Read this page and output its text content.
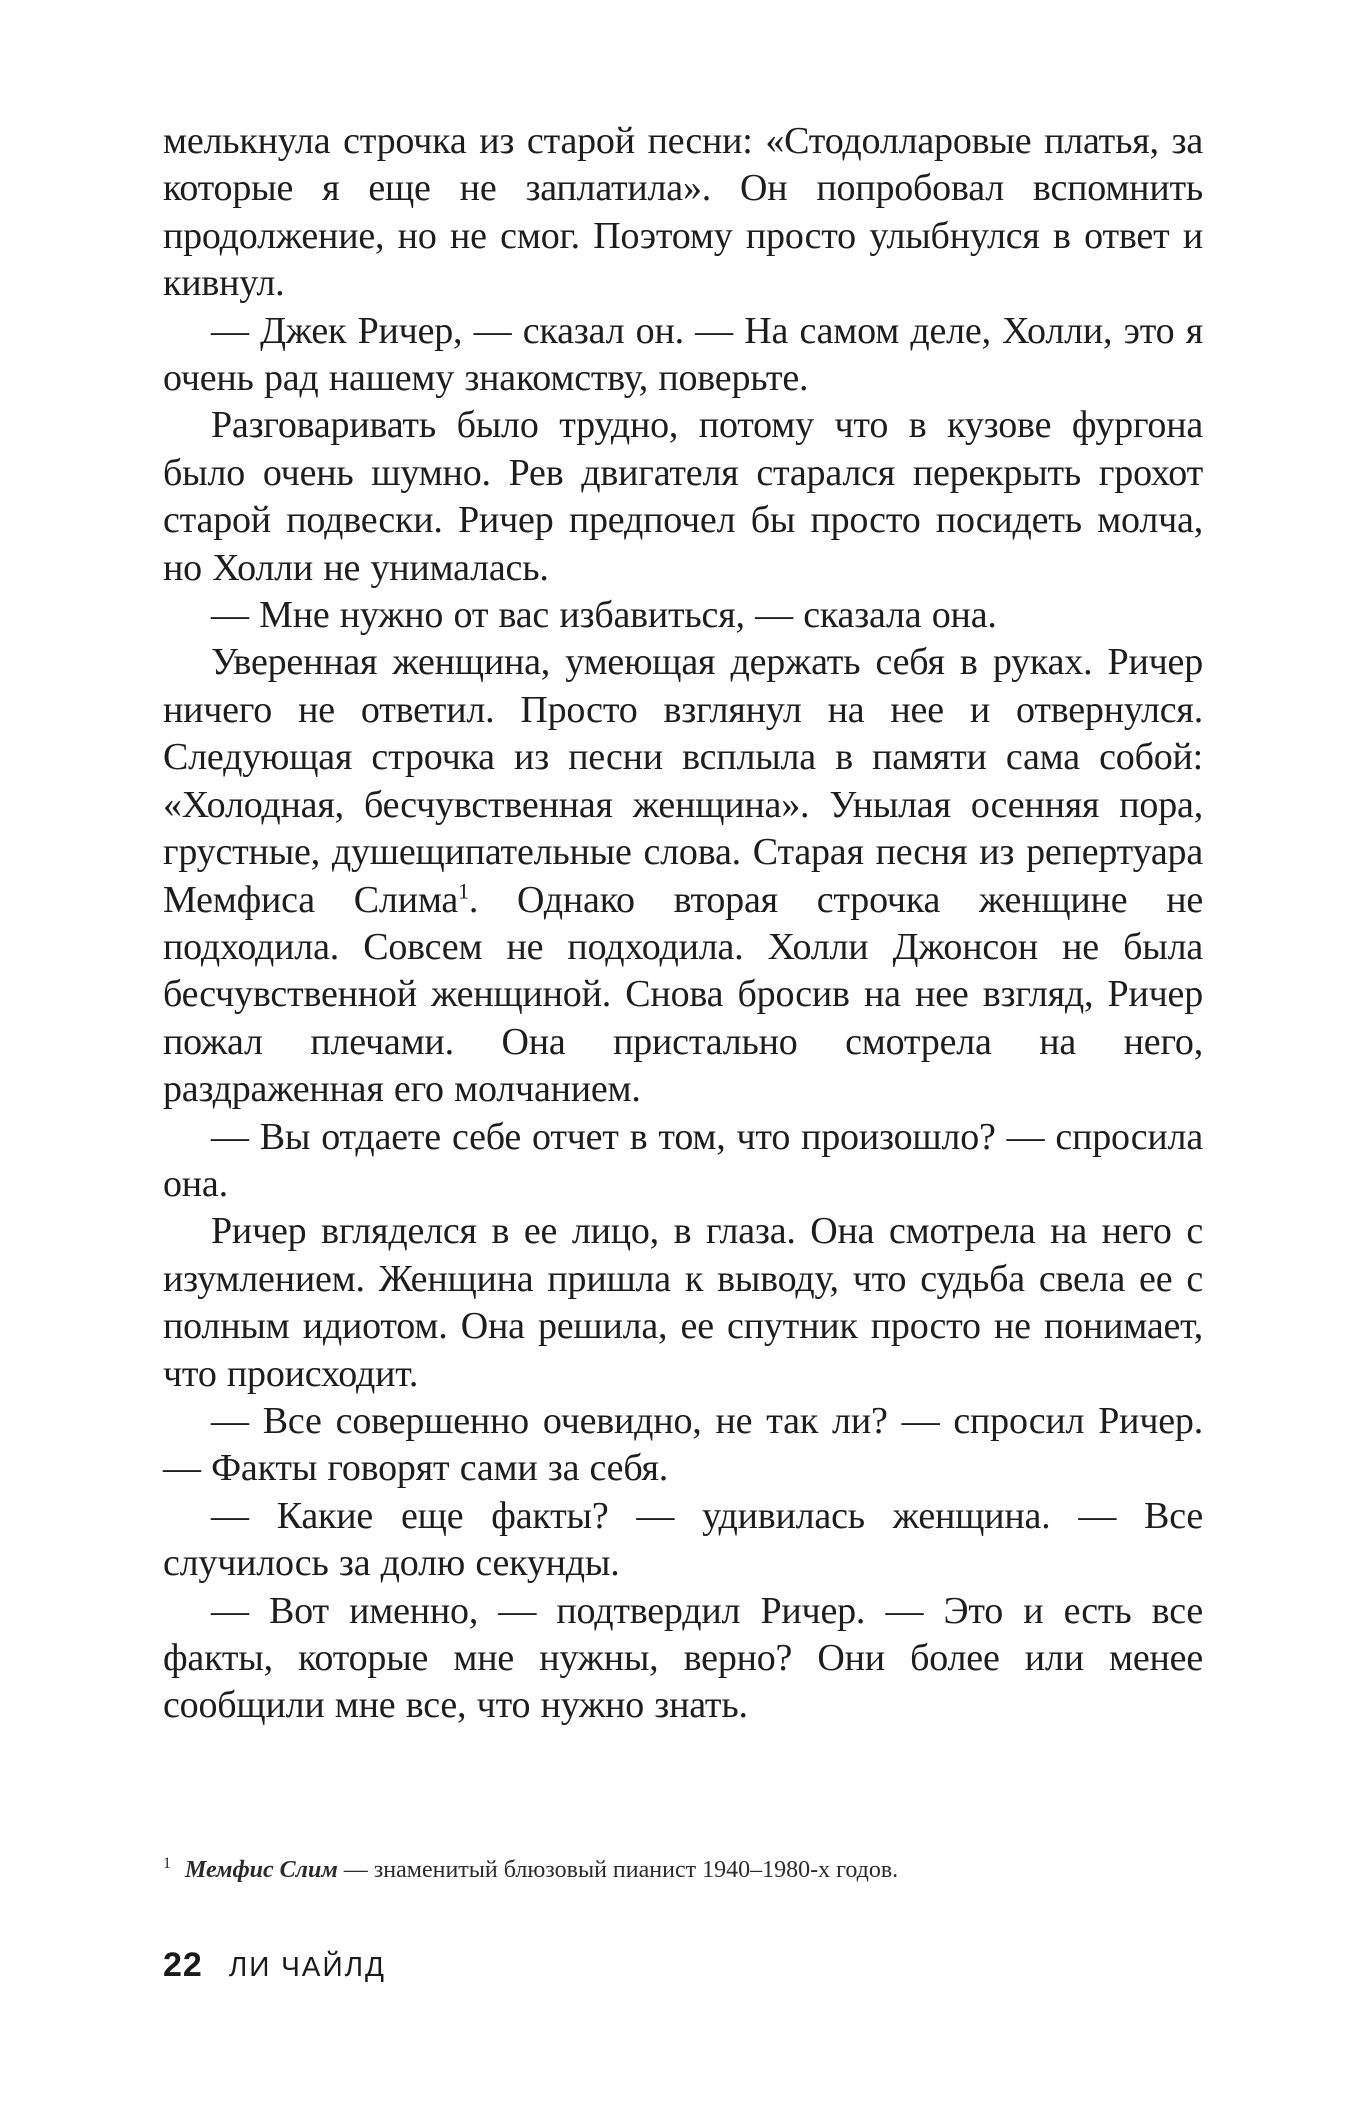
мелькнула строчка из старой песни: «Стодолларовые платья, за которые я еще не заплатила». Он попробовал вспомнить продолжение, но не смог. Поэтому просто улыбнулся в ответ и кивнул.

— Джек Ричер, — сказал он. — На самом деле, Холли, это я очень рад нашему знакомству, поверьте.

Разговаривать было трудно, потому что в кузове фургона было очень шумно. Рев двигателя старался перекрыть грохот старой подвески. Ричер предпочел бы просто посидеть молча, но Холли не унималась.

— Мне нужно от вас избавиться, — сказала она.

Уверенная женщина, умеющая держать себя в руках. Ричер ничего не ответил. Просто взглянул на нее и отвернулся. Следующая строчка из песни всплыла в памяти сама собой: «Холодная, бесчувственная женщина». Унылая осенняя пора, грустные, душещипательные слова. Старая песня из репертуара Мемфиса Слима$^1$. Однако вторая строчка женщине не подходила. Совсем не подходила. Холли Джонсон не была бесчувственной женщиной. Снова бросив на нее взгляд, Ричер пожал плечами. Она пристально смотрела на него, раздраженная его молчанием.

— Вы отдаете себе отчет в том, что произошло? — спросила она.

Ричер вгляделся в ее лицо, в глаза. Она смотрела на него с изумлением. Женщина пришла к выводу, что судьба свела ее с полным идиотом. Она решила, ее спутник просто не понимает, что происходит.

— Все совершенно очевидно, не так ли? — спросил Ричер. — Факты говорят сами за себя.

— Какие еще факты? — удивилась женщина. — Все случилось за долю секунды.

— Вот именно, — подтвердил Ричер. — Это и есть все факты, которые мне нужны, верно? Они более или менее сообщили мне все, что нужно знать.

$^1$ Мемфис Слим — знаменитый блюзовый пианист 1940–1980-х годов.
22 ЛИ ЧАЙЛД
